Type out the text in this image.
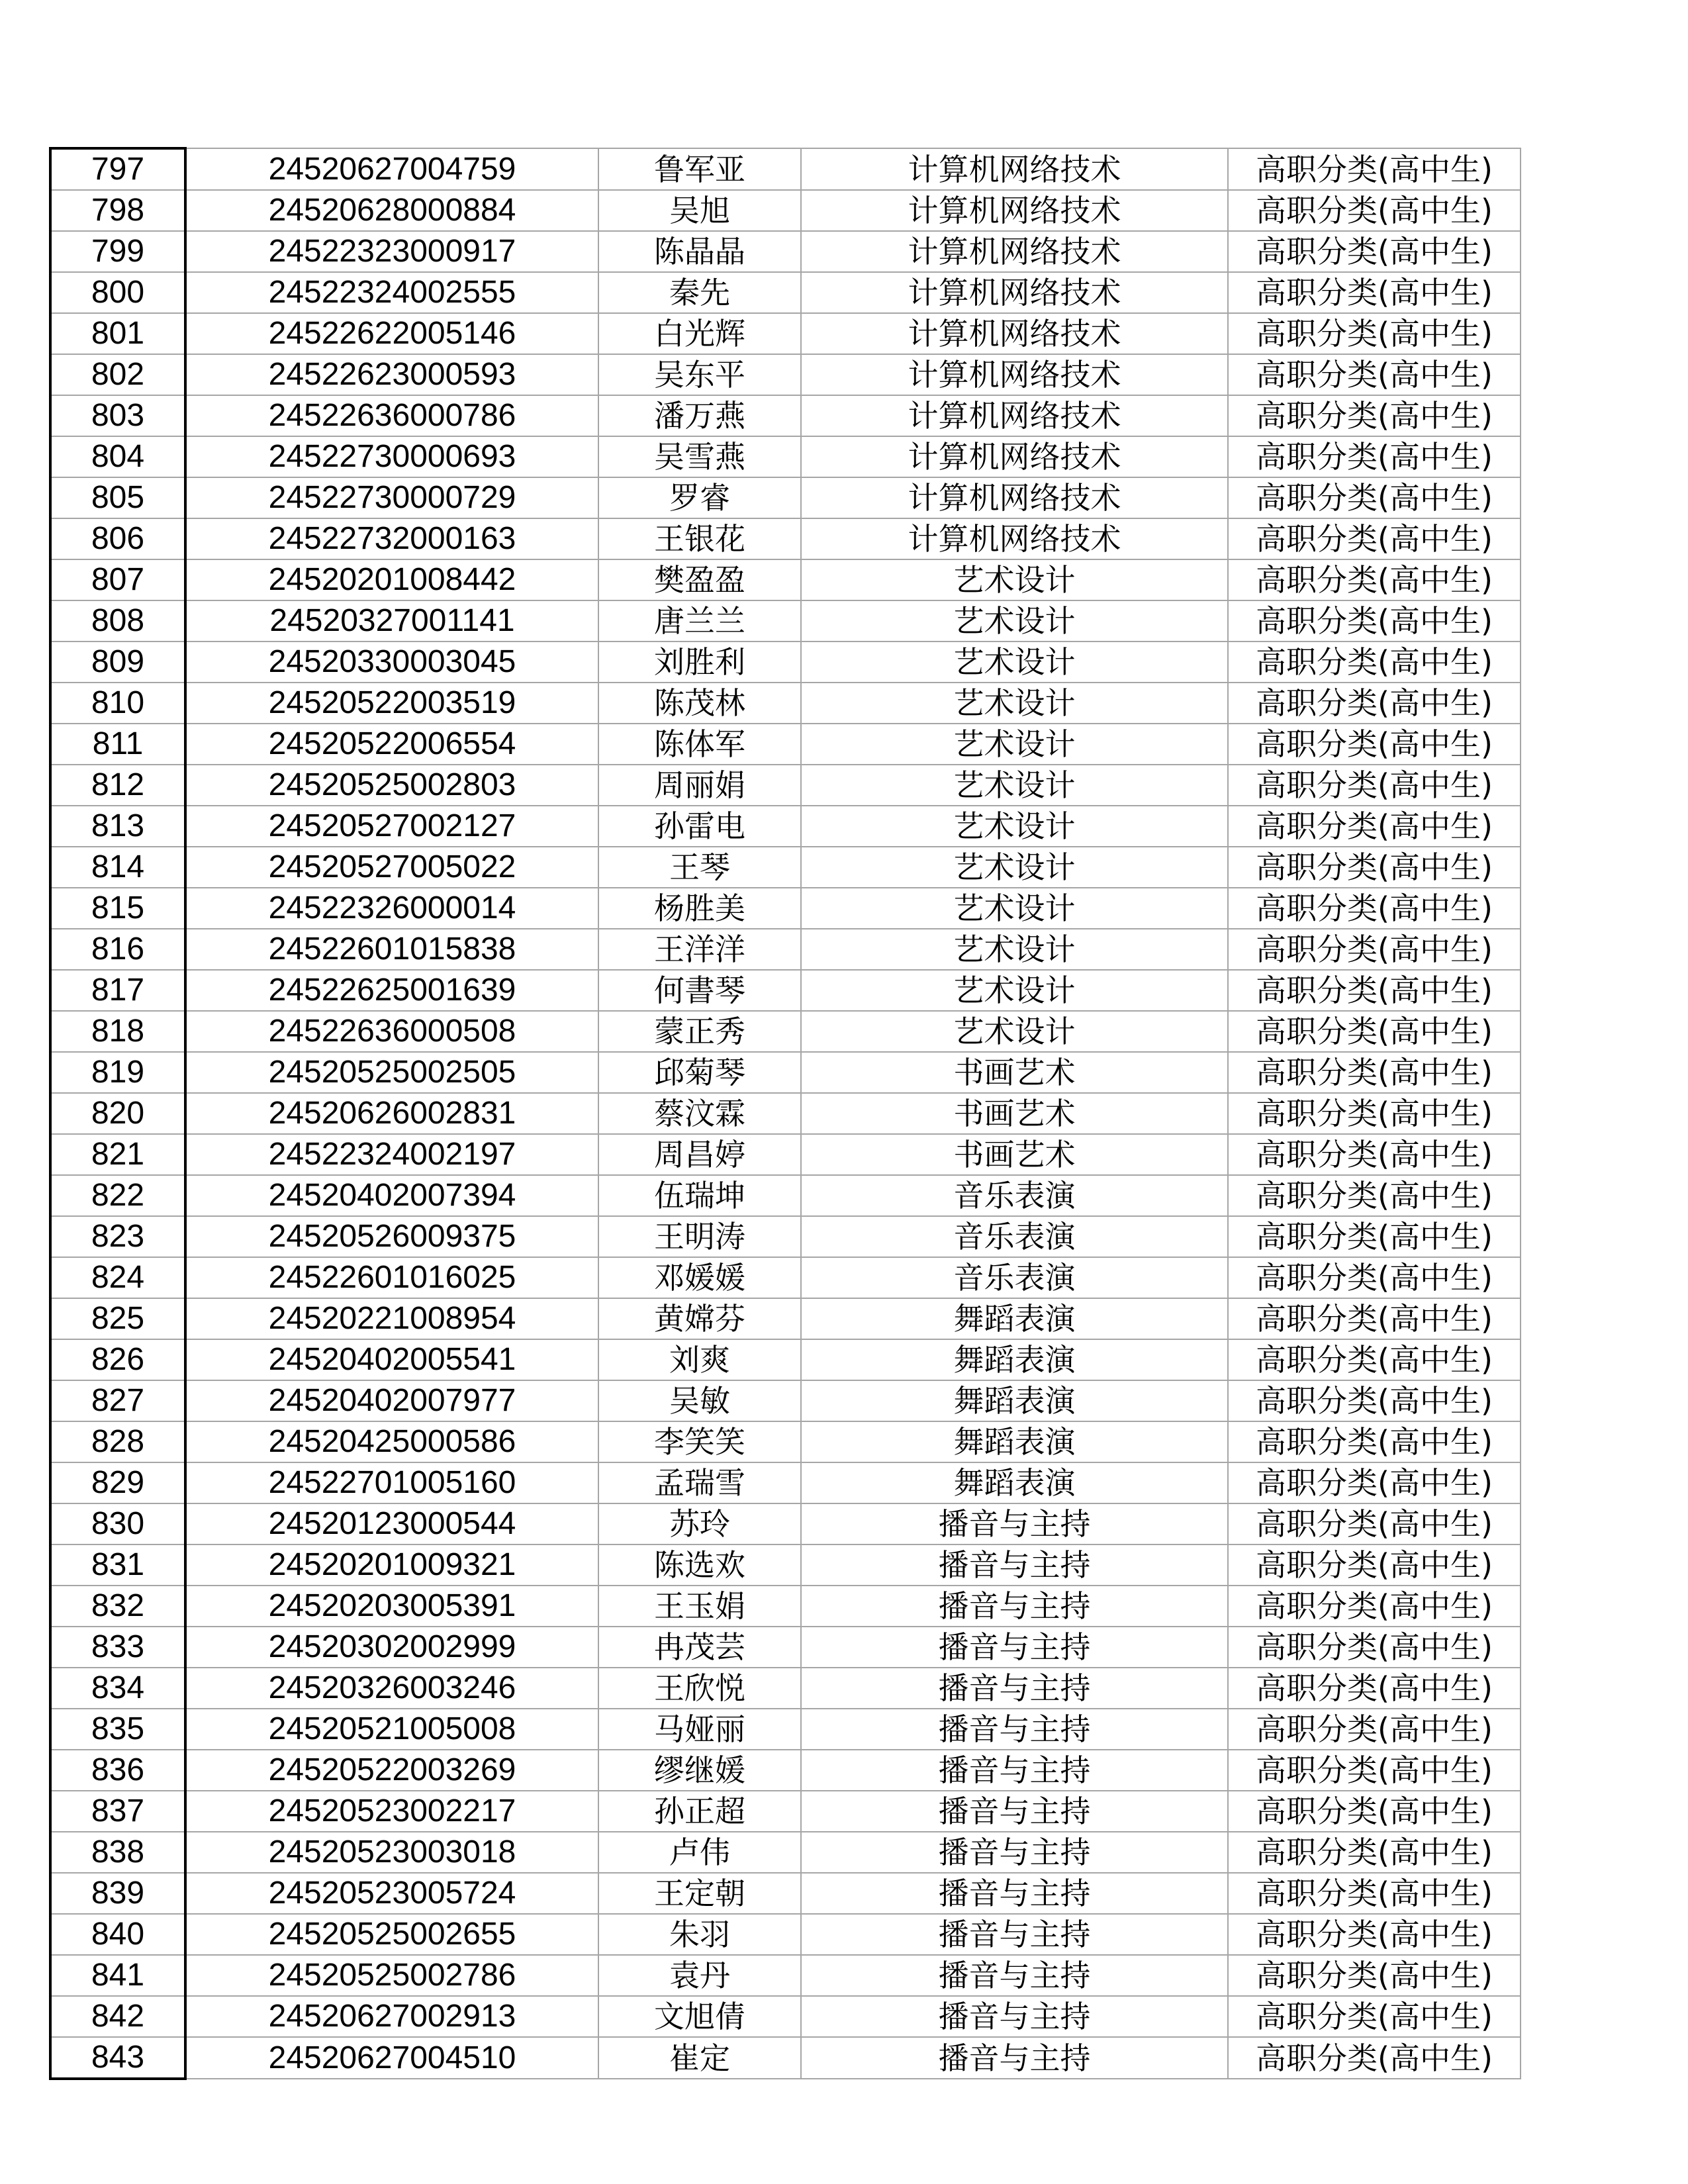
797	24520627004759	鲁军亚	计算机网络技术	高职分类(高中生)
798	24520628000884	吴旭	计算机网络技术	高职分类(高中生)
799	24522323000917	陈晶晶	计算机网络技术	高职分类(高中生)
800	24522324002555	秦先	计算机网络技术	高职分类(高中生)
801	24522622005146	白光辉	计算机网络技术	高职分类(高中生)
802	24522623000593	吴东平	计算机网络技术	高职分类(高中生)
803	24522636000786	潘万燕	计算机网络技术	高职分类(高中生)
804	24522730000693	吴雪燕	计算机网络技术	高职分类(高中生)
805	24522730000729	罗睿	计算机网络技术	高职分类(高中生)
806	24522732000163	王银花	计算机网络技术	高职分类(高中生)
807	24520201008442	樊盈盈	艺术设计	高职分类(高中生)
808	24520327001141	唐兰兰	艺术设计	高职分类(高中生)
809	24520330003045	刘胜利	艺术设计	高职分类(高中生)
810	24520522003519	陈茂林	艺术设计	高职分类(高中生)
811	24520522006554	陈体军	艺术设计	高职分类(高中生)
812	24520525002803	周丽娟	艺术设计	高职分类(高中生)
813	24520527002127	孙雷电	艺术设计	高职分类(高中生)
814	24520527005022	王琴	艺术设计	高职分类(高中生)
815	24522326000014	杨胜美	艺术设计	高职分类(高中生)
816	24522601015838	王洋洋	艺术设计	高职分类(高中生)
817	24522625001639	何書琴	艺术设计	高职分类(高中生)
818	24522636000508	蒙正秀	艺术设计	高职分类(高中生)
819	24520525002505	邱菊琴	书画艺术	高职分类(高中生)
820	24520626002831	蔡汶霖	书画艺术	高职分类(高中生)
821	24522324002197	周昌婷	书画艺术	高职分类(高中生)
822	24520402007394	伍瑞坤	音乐表演	高职分类(高中生)
823	24520526009375	王明涛	音乐表演	高职分类(高中生)
824	24522601016025	邓媛媛	音乐表演	高职分类(高中生)
825	24520221008954	黄嫦芬	舞蹈表演	高职分类(高中生)
826	24520402005541	刘爽	舞蹈表演	高职分类(高中生)
827	24520402007977	吴敏	舞蹈表演	高职分类(高中生)
828	24520425000586	李笑笑	舞蹈表演	高职分类(高中生)
829	24522701005160	孟瑞雪	舞蹈表演	高职分类(高中生)
830	24520123000544	苏玲	播音与主持	高职分类(高中生)
831	24520201009321	陈选欢	播音与主持	高职分类(高中生)
832	24520203005391	王玉娟	播音与主持	高职分类(高中生)
833	24520302002999	冉茂芸	播音与主持	高职分类(高中生)
834	24520326003246	王欣悦	播音与主持	高职分类(高中生)
835	24520521005008	马娅丽	播音与主持	高职分类(高中生)
836	24520522003269	缪继媛	播音与主持	高职分类(高中生)
837	24520523002217	孙正超	播音与主持	高职分类(高中生)
838	24520523003018	卢伟	播音与主持	高职分类(高中生)
839	24520523005724	王定朝	播音与主持	高职分类(高中生)
840	24520525002655	朱羽	播音与主持	高职分类(高中生)
841	24520525002786	袁丹	播音与主持	高职分类(高中生)
842	24520627002913	文旭倩	播音与主持	高职分类(高中生)
843	24520627004510	崔定	播音与主持	高职分类(高中生)
